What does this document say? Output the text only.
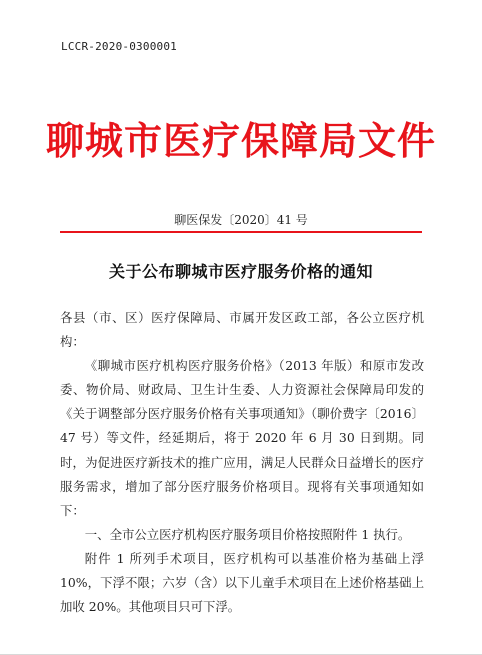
LCCR-2020-0300001
聊城市医疗保障局文件
聊医保发〔2020〕41 号
关于公布聊城市医疗服务价格的通知

各县（市、区）医疗保障局、市属开发区政工部，各公立医疗机构：

《聊城市医疗机构医疗服务价格》（2013 年版）和原市发改委、物价局、财政局、卫生计生委、人力资源社会保障局印发的《关于调整部分医疗服务价格有关事项通知》（聊价费字〔2016〕47 号）等文件，经延期后，将于 2020 年 6 月 30 日到期。同时，为促进医疗新技术的推广应用，满足人民群众日益增长的医疗服务需求，增加了部分医疗服务价格项目。现将有关事项通知如下：

一、全市公立医疗机构医疗服务项目价格按照附件 1 执行。

附件 1 所列手术项目，医疗机构可以基准价格为基础上浮 10%，下浮不限；六岁（含）以下儿童手术项目在上述价格基础上加收 20%。其他项目只可下浮。
